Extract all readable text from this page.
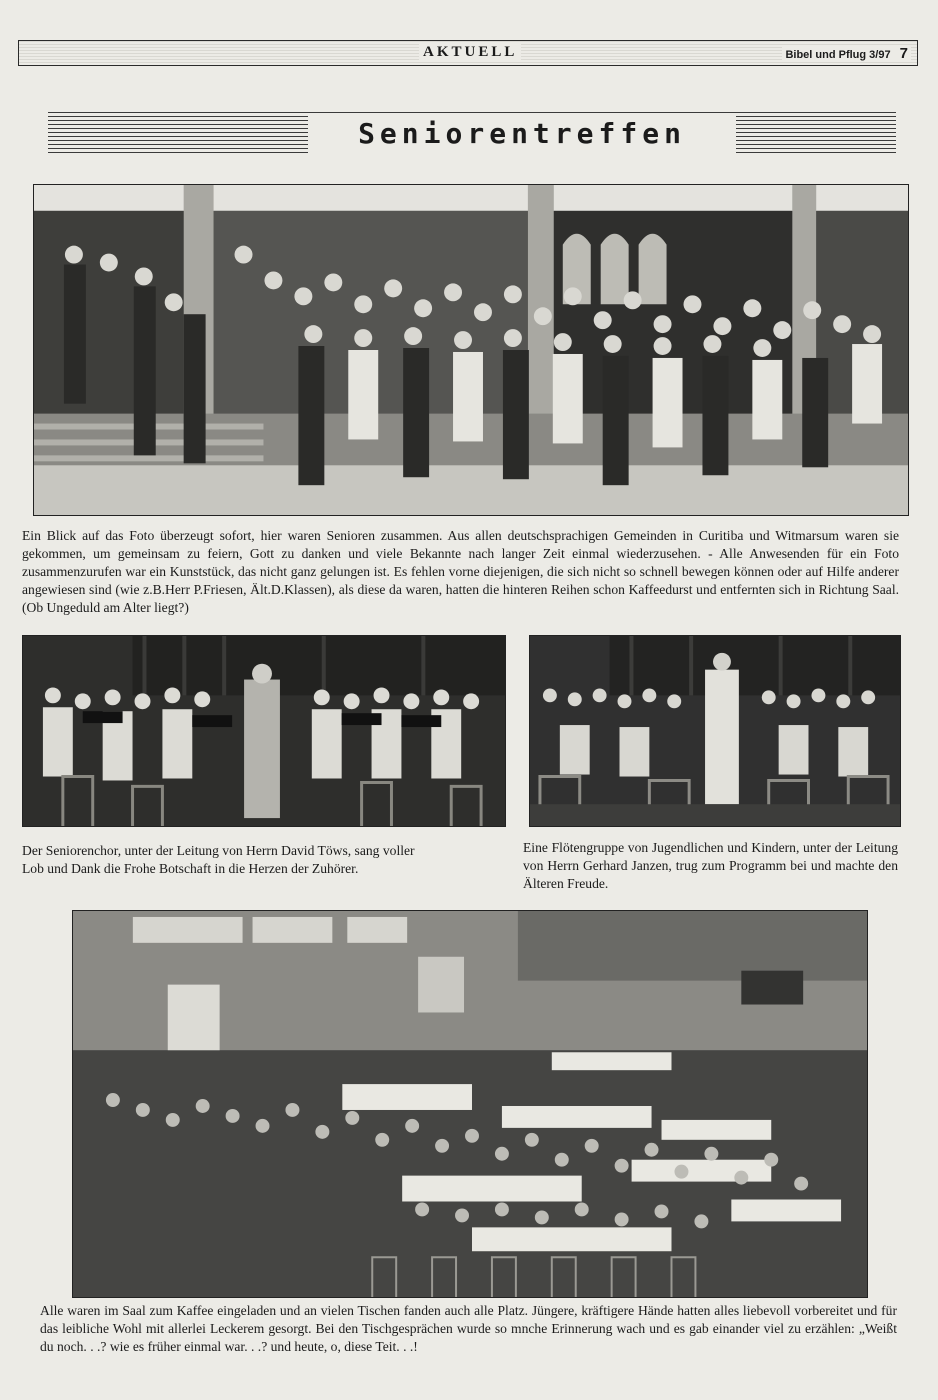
AKTUELL	Bibel und Pflug 3/97 7
Seniorentreffen
Ein Blick auf das Foto überzeugt sofort, hier waren Senioren zusammen. Aus allen deutschsprachigen Gemeinden in Curitiba und Witmarsum waren sie gekommen, um gemeinsam zu feiern, Gott zu danken und viele Bekannte nach langer Zeit einmal wiederzusehen. - Alle Anwesenden für ein Foto zusammenzurufen war ein Kunststück, das nicht ganz gelungen ist. Es fehlen vorne diejenigen, die sich nicht so schnell bewegen können oder auf Hilfe anderer angewiesen sind (wie z.B.Herr P.Friesen, Ält.D.Klassen), als diese da waren, hatten die hinteren Reihen schon Kaffeedurst und entfernten sich in Richtung Saal. (Ob Ungeduld am Alter liegt?)
Der Seniorenchor, unter der Leitung von Herrn David Töws, sang voller Lob und Dank die Frohe Botschaft in die Herzen der Zuhörer.
Eine Flötengruppe von Jugendlichen und Kindern, unter der Leitung von Herrn Gerhard Janzen, trug zum Programm bei und machte den Älteren Freude.
Alle waren im Saal zum Kaffee eingeladen und an vielen Tischen fanden auch alle Platz. Jüngere, kräftigere Hände hatten alles liebevoll vorbereitet und für das leibliche Wohl mit allerlei Leckerem gesorgt. Bei den Tischgesprächen wurde so mnche Erinnerung wach und es gab einander viel zu erzählen: „Weißt du noch. . .? wie es früher einmal war. . .? und heute, o, diese Teit. . .!
